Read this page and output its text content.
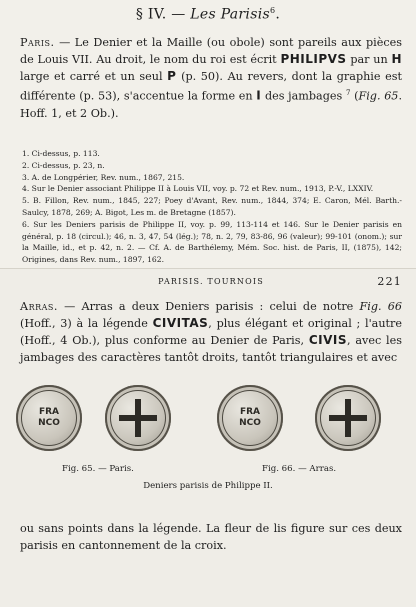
§ IV. — Les Parisis$^6$.
Paris. — Le Denier et la Maille (ou obole) sont pareils aux pièces de Louis VII. Au droit, le nom du roi est écrit PHILIPVS par un H large et carré et un seul P (p. 50). Au revers, dont la graphie est différente (p. 53), s'accentue la forme en I des jambages $^7$ (Fig. 65. Hoff. 1, et 2 Ob.).
1. Ci-dessus, p. 113.
2. Ci-dessus, p. 23, n.
3. A. de Longpérier, Rev. num., 1867, 215.
4. Sur le Denier associant Philippe II à Louis VII, voy. p. 72 et Rev. num., 1913, P.-V., LXXIV.
5. B. Fillon, Rev. num., 1845, 227; Poey d'Avant, Rev. num., 1844, 374; E. Caron, Mél. Barth.-Saulcy, 1878, 269; A. Bigot, Les m. de Bretagne (1857).
6. Sur les Deniers parisis de Philippe II, voy. p. 99, 113-114 et 146. Sur le Denier parisis en général, p. 18 (circul.); 46, n. 3, 47, 54 (lég.); 78, n. 2, 79, 83-86, 96 (valeur); 99-101 (onom.); sur la Maille, id., et p. 42, n. 2. — Cf. A. de Barthélemy, Mém. Soc. hist. de Paris, II, (1875), 142; Origines, dans Rev. num., 1897, 162.
PARISIS. TOURNOIS	221
Arras. — Arras a deux Deniers parisis : celui de notre Fig. 66 (Hoff., 3) à la légende CIVITAS, plus élégant et original ; l'autre (Hoff., 4 Ob.), plus conforme au Denier de Paris, CIVIS, avec les jambages des caractères tantôt droits, tantôt triangulaires et avec
FRA
NCO
FRA
NCO
Fig. 65. — Paris.	Fig. 66. — Arras.
Deniers parisis de Philippe II.
ou sans points dans la légende. La fleur de lis figure sur ces deux parisis en cantonnement de la croix.
